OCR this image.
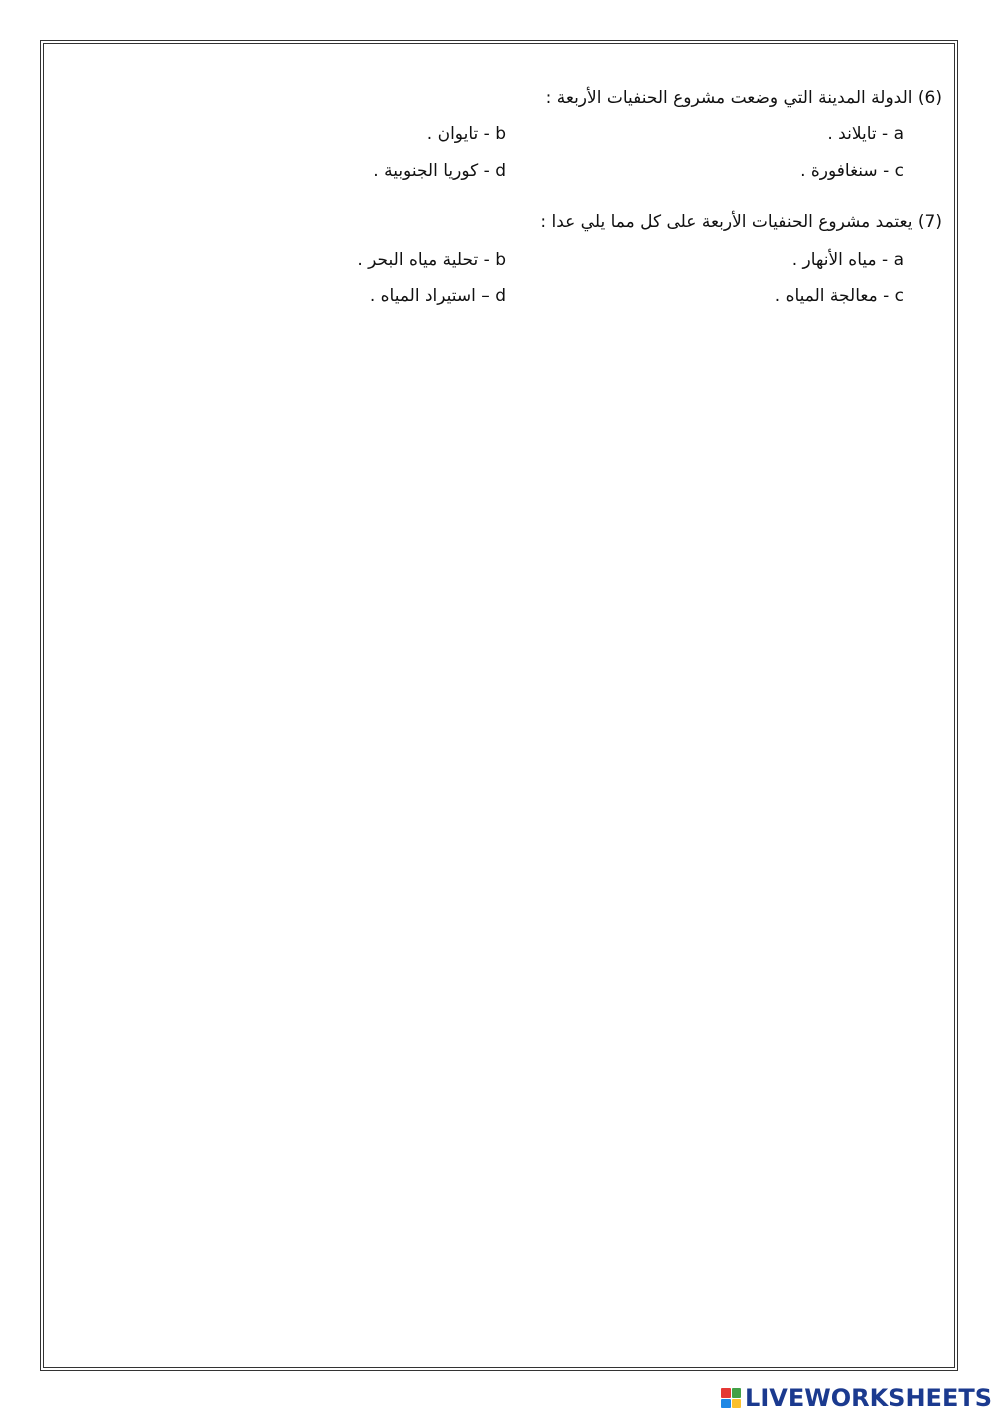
(6) الدولة المدينة التي وضعت مشروع الحنفيات الأربعة :
a - تايلاند .
b - تايوان .
c - سنغافورة .
d - كوريا الجنوبية .
(7) يعتمد مشروع الحنفيات الأربعة على كل مما يلي عدا :
a - مياه الأنهار .
b - تحلية مياه البحر .
c - معالجة المياه .
d – استيراد المياه .
LIVEWORKSHEETS
